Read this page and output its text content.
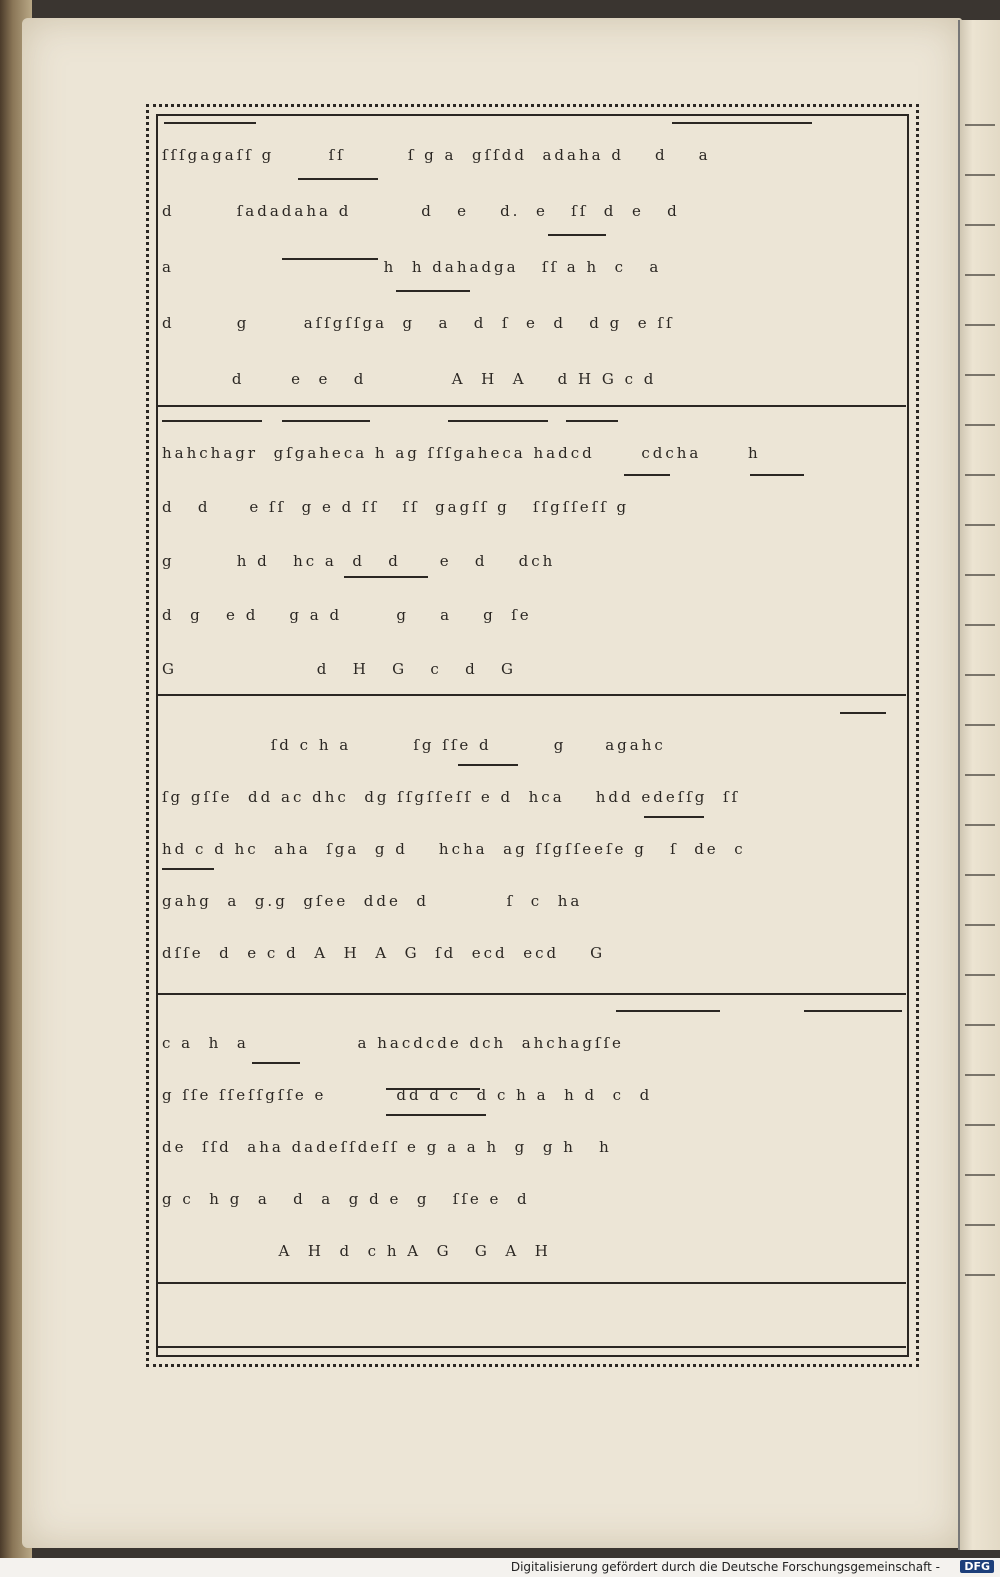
ſſſgagaſſ g       ſſ        ſ g a  gſſdd  adaha d    d    a
d        ſadadaha d         d   e    d.  e   ſſ  d  e   d
a                           h  h dahadga   ſſ a h  c   a
d        g       aſſgſſga  g   a   d  ſ  e  d   d g  e ſſ
d      e  e   d           A  H  A    d H G c d
hahchagr  gſgaheca h ag ſſſgaheca hadcd      cdcha      h
d   d     e ſſ  g e d ſſ   ſſ  gagſſ g   ſſgſſeſſ g
g        h d   hc a  d   d     e   d    dch
d  g   e d    g a d       g    a    g  ſe
G                  d   H   G   c   d   G
ſd c h a        ſg ſſe d        g     agahc
ſg gſſe  dd ac dhc  dg ſſgſſeſſ e d  hca    hdd edeſſg  ſſ
hd c d hc  aha  ſga  g d    hcha  ag ſſgſſeeſe g   ſ  de  c
gahg  a  g.g  gſee  dde  d          ſ  c  ha
dſſe  d  e c d  A  H  A  G  ſd  ecd  ecd    G
c a  h  a              a hacdcde dch  ahchagſſe
g ſſe ſſeſſgſſe e         dd d c  d c h a  h d  c  d
de  ſſd  aha dadeſſdeſſ e g a a h  g  g h   h
g c  h g  a   d  a  g d e  g   ſſe e  d
A  H  d  c h A  G   G  A  H
Digitalisierung gefördert durch die Deutsche Forschungsgemeinschaft -	DFG
